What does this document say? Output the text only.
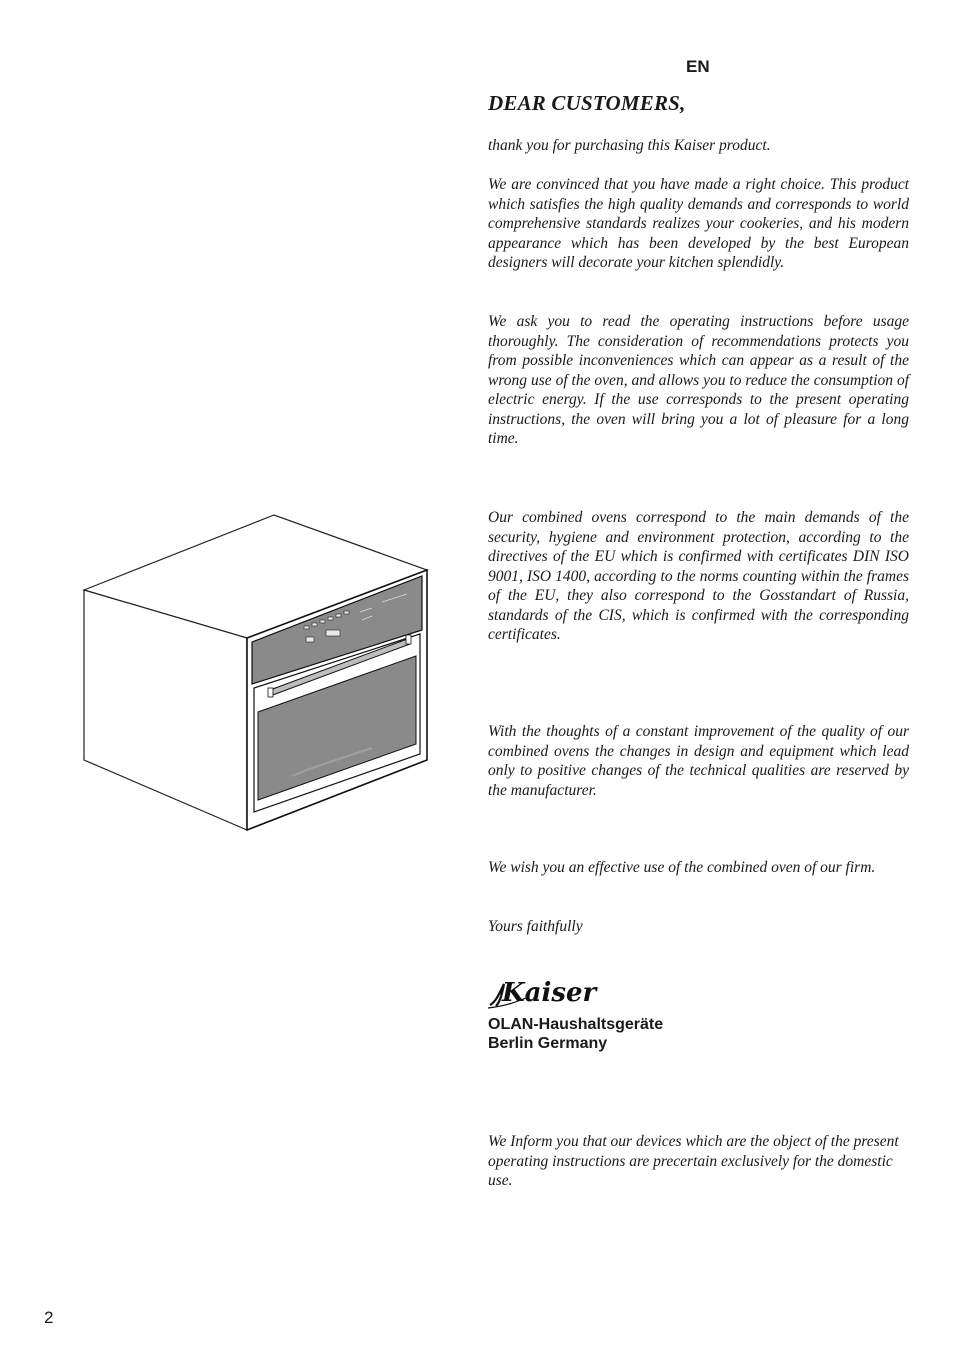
EN
DEAR CUSTOMERS,

thank you for purchasing this Kaiser product.

We are convinced that you have made a right choice. This product which satisfies the high quality demands and corresponds to world comprehensive standards realizes your cookeries, and his modern appearance which has been developed by the best European designers will decorate your kitchen splendidly.

We ask you to read the operating instructions before usage thoroughly. The consideration of recommendations protects you from possible inconveniences which can appear as a result of the wrong use of the oven, and allows you to reduce the consumption of electric energy. If the use corresponds to the present operating instructions, the oven will bring you a lot of pleasure for a long time.

Our combined ovens correspond to the main demands of the security, hygiene and environment protection, according to the directives of the EU which is confirmed with certificates DIN ISO 9001, ISO 1400, according to the norms counting within the frames of the EU, they also correspond to the Gosstandart of Russia, standards of the CIS, which is confirmed with the corresponding certificates.

With the thoughts of a constant improvement of the quality of our combined ovens the changes in design and equipment which lead only to positive changes of the technical qualities are reserved by the manufacturer.

We wish you an effective use of the combined oven of our firm.

Yours faithfully

Kaiser
OLAN-Haushaltsgeräte
Berlin Germany

We Inform you that our devices which are the object of the present operating instructions are precertain exclusively for the domestic use.

2
